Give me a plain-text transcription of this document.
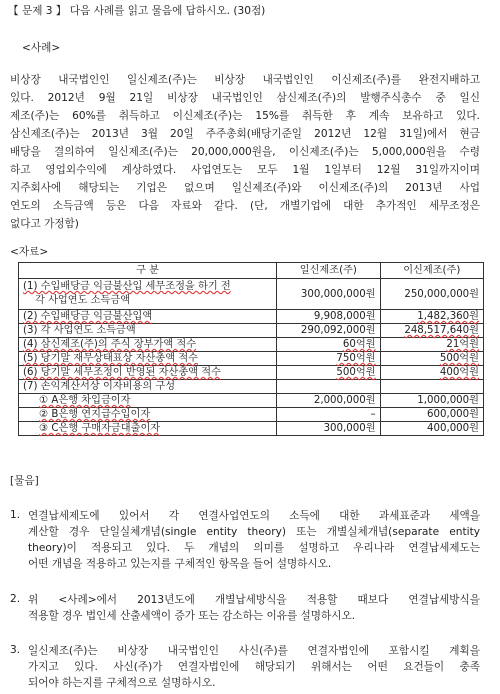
【 문제 3 】 다음 사례를 읽고 물음에 답하시오. (30점)
<사례>
비상장 내국법인인 일신제조(주)는 비상장 내국법인인 이신제조(주)를 완전지배하고
있다. 2012년 9월 21일 비상장 내국법인인 삼신제조(주)의 발행주식총수 중 일신
제조(주)는 60%를 취득하고 이신제조(주)는 15%를 취득한 후 계속 보유하고 있다.
삼신제조(주)는 2013년 3월 20일 주주총회(배당기준일 2012년 12월 31일)에서 현금
배당을 결의하여 일신제조(주)는 20,000,000원을, 이신제조(주)는 5,000,000원을 수령
하고 영업외수익에 계상하였다. 사업연도는 모두 1월 1일부터 12월 31일까지이며
지주회사에 해당되는 기업은 없으며 일신제조(주)와 이신제조(주)의 2013년 사업
연도의 소득금액 등은 다음 자료와 같다. (단, 개별기업에 대한 추가적인 세무조정은
없다고 가정함)
<자료>
구 분	일신제조(주)	이신제조(주)

(1) 수입배당금 익금불산입 세무조정을 하기 전
각 사업연도 소득금액	300,000,000원	250,000,000원
(2) 수입배당금 익금불산입액	9,908,000원	1,482,360원
(3) 각 사업연도 소득금액	290,092,000원	248,517,640원
(4) 삼신제조(주)의 주식 장부가액 적수	60억원	21억원
(5) 당기말 재무상태표상 자산총액 적수	750억원	500억원
(6) 당기말 세무조정이 반영된 자산총액 적수	500억원	400억원
(7) 손익계산서상 이자비용의 구성		
① A은행 차입금이자	2,000,000원	1,000,000원
② B은행 연지급수입이자	–	600,000원
③ C은행 구매자금대출이자	300,000원	400,000원
[물음]
1. 연결납세제도에 있어서 각 연결사업연도의 소득에 대한 과세표준과 세액을
계산할 경우 단일실체개념(single entity theory) 또는 개별실체개념(separate entity
theory)이 적용되고 있다. 두 개념의 의미를 설명하고 우리나라 연결납세제도는
어떤 개념을 적용하고 있는지를 구체적인 항목을 들어 설명하시오.
2. 위 <사례>에서 2013년도에 개별납세방식을 적용할 때보다 연결납세방식을
적용할 경우 법인세 산출세액이 증가 또는 감소하는 이유를 설명하시오.
3. 일신제조(주)는 비상장 내국법인인 사신(주)를 연결자법인에 포함시킬 계획을
가지고 있다. 사신(주)가 연결자법인에 해당되기 위해서는 어떤 요건들이 충족
되어야 하는지를 구체적으로 설명하시오.
